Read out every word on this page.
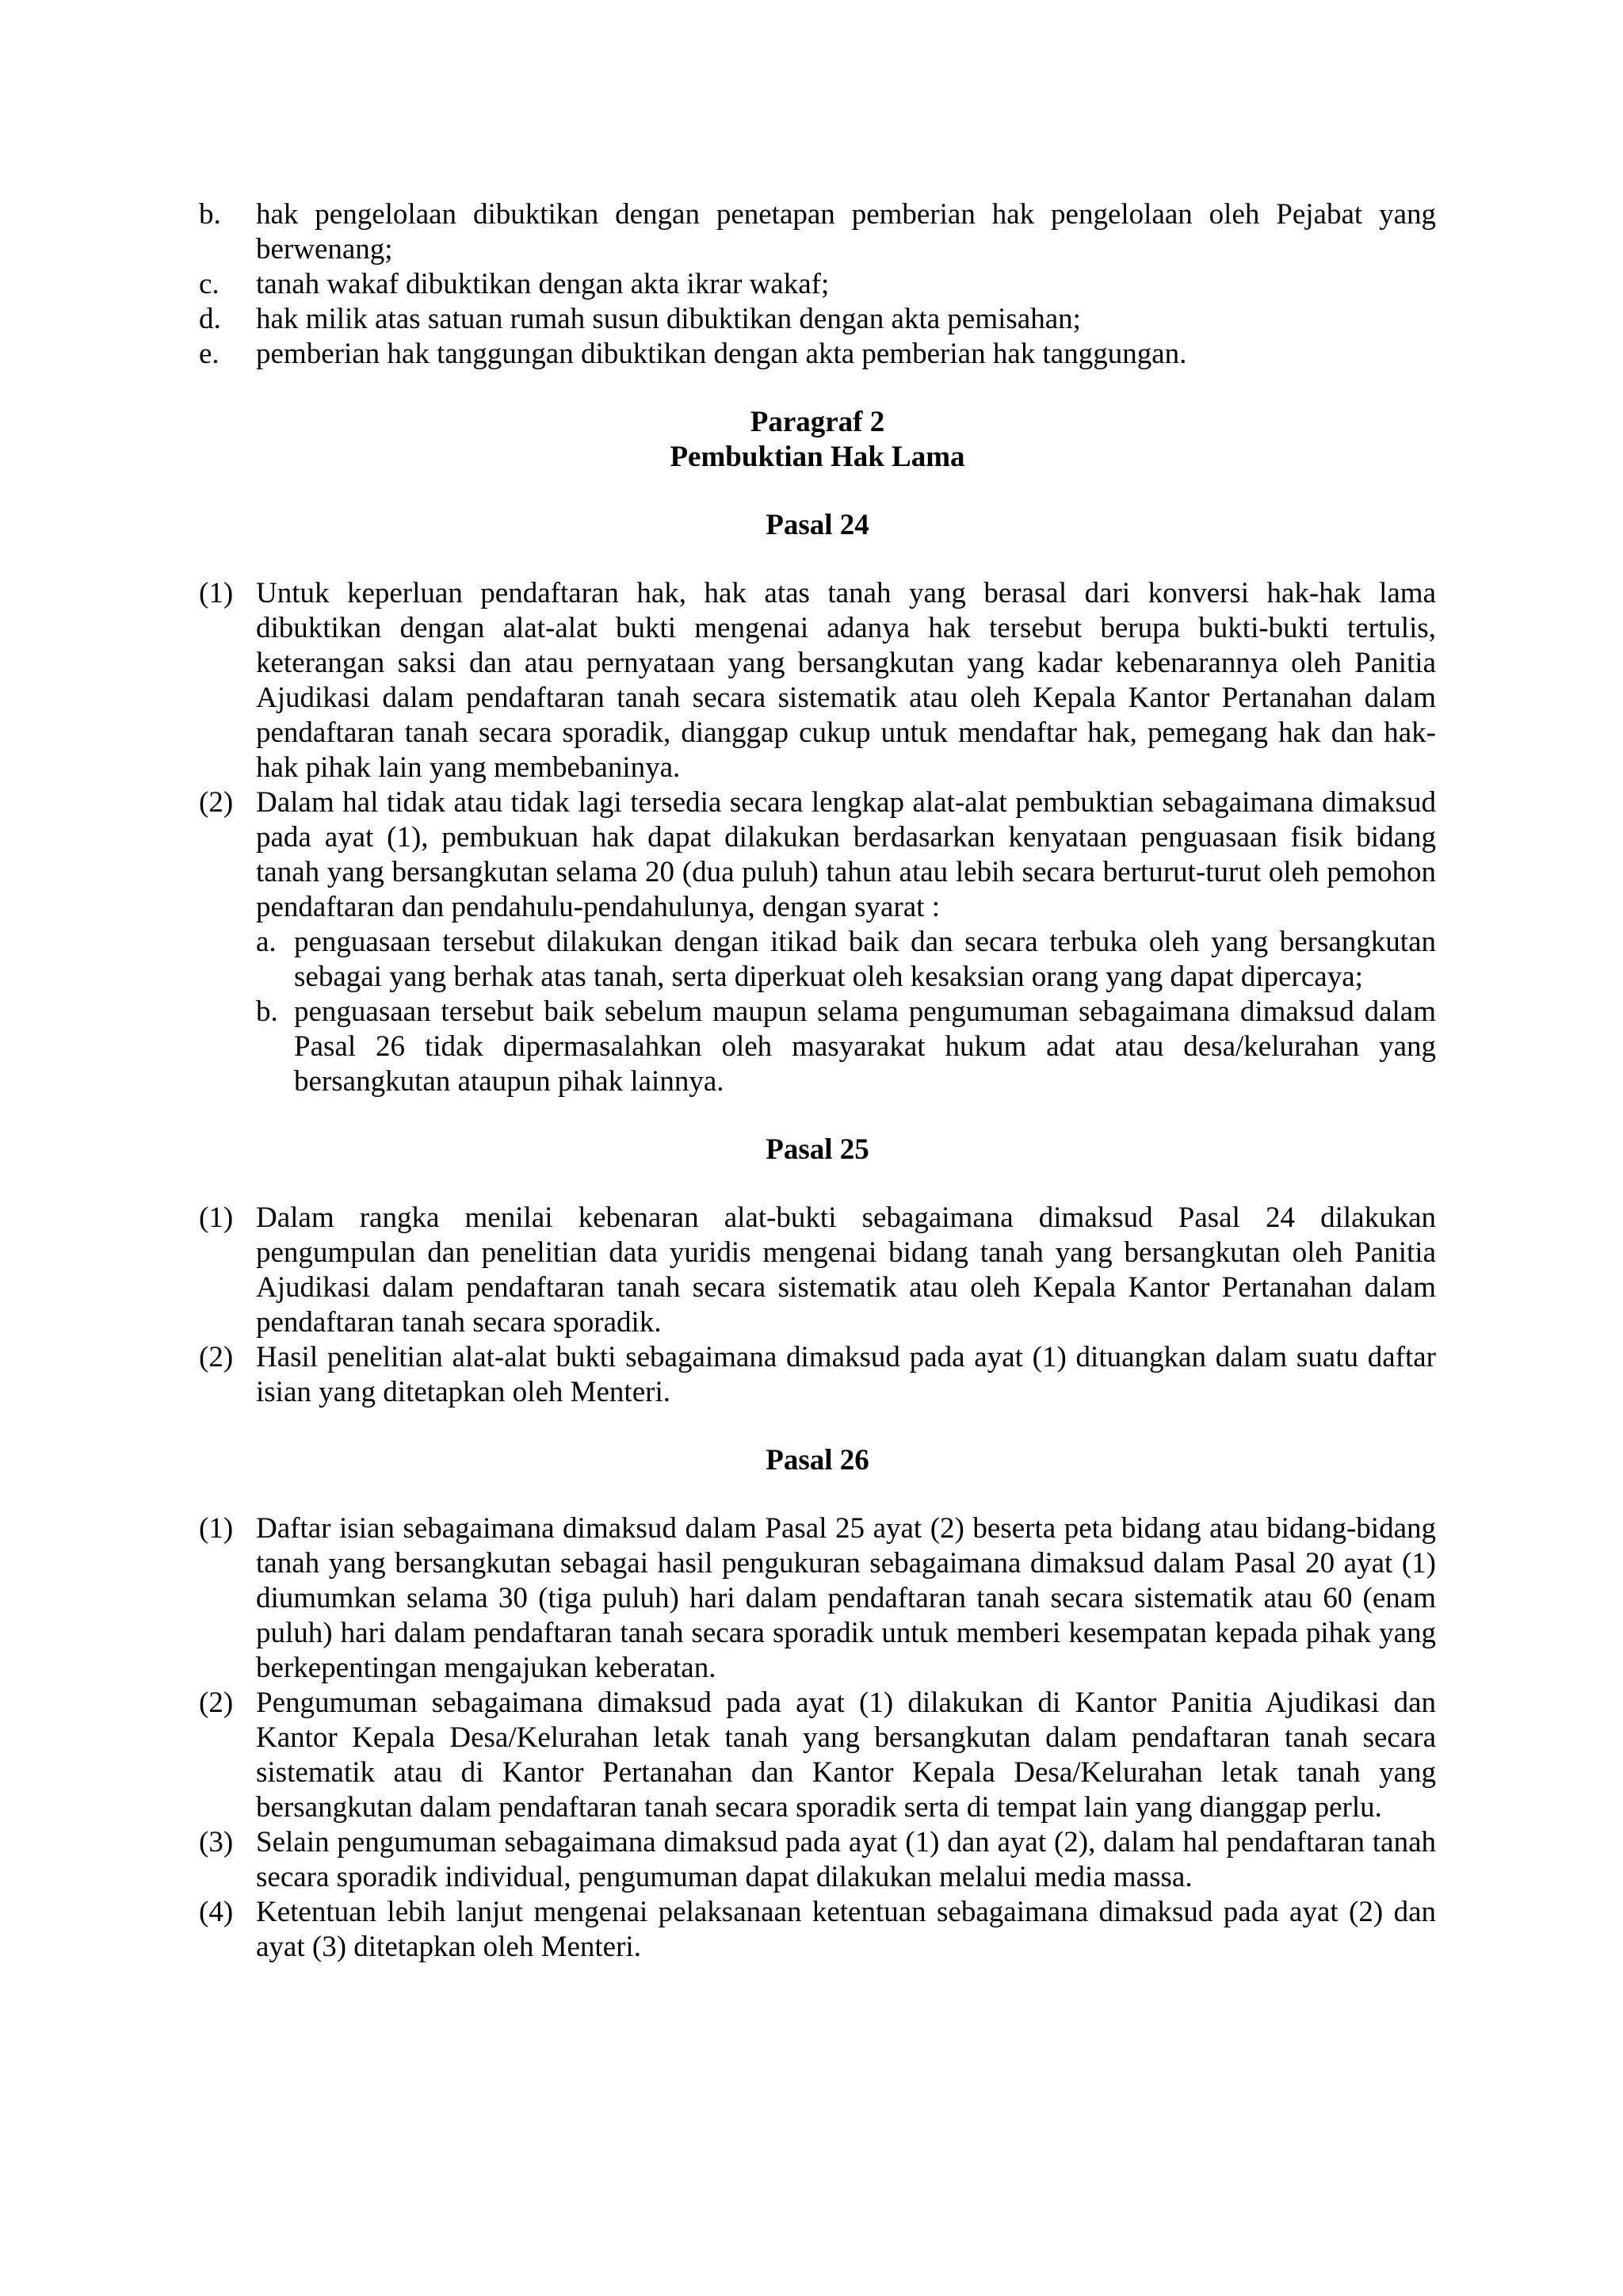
b.	hak pengelolaan dibuktikan dengan penetapan pemberian hak pengelolaan oleh Pejabat yang berwenang;
c.	tanah wakaf dibuktikan dengan akta ikrar wakaf;
d.	hak milik atas satuan rumah susun dibuktikan dengan akta pemisahan;
e.	pemberian hak tanggungan dibuktikan dengan akta pemberian hak tanggungan.
Paragraf 2
Pembuktian Hak Lama
Pasal 24
(1) Untuk keperluan pendaftaran hak, hak atas tanah yang berasal dari konversi hak-hak lama dibuktikan dengan alat-alat bukti mengenai adanya hak tersebut berupa bukti-bukti tertulis, keterangan saksi dan atau pernyataan yang bersangkutan yang kadar kebenarannya oleh Panitia Ajudikasi dalam pendaftaran tanah secara sistematik atau oleh Kepala Kantor Pertanahan dalam pendaftaran tanah secara sporadik, dianggap cukup untuk mendaftar hak, pemegang hak dan hak-hak pihak lain yang membebaninya.
(2) Dalam hal tidak atau tidak lagi tersedia secara lengkap alat-alat pembuktian sebagaimana dimaksud pada ayat (1), pembukuan hak dapat dilakukan berdasarkan kenyataan penguasaan fisik bidang tanah yang bersangkutan selama 20 (dua puluh) tahun atau lebih secara berturut-turut oleh pemohon pendaftaran dan pendahulu-pendahulunya, dengan syarat :
a. penguasaan tersebut dilakukan dengan itikad baik dan secara terbuka oleh yang bersangkutan sebagai yang berhak atas tanah, serta diperkuat oleh kesaksian orang yang dapat dipercaya;
b. penguasaan tersebut baik sebelum maupun selama pengumuman sebagaimana dimaksud dalam Pasal 26 tidak dipermasalahkan oleh masyarakat hukum adat atau desa/kelurahan yang bersangkutan ataupun pihak lainnya.
Pasal 25
(1) Dalam rangka menilai kebenaran alat-bukti sebagaimana dimaksud Pasal 24 dilakukan pengumpulan dan penelitian data yuridis mengenai bidang tanah yang bersangkutan oleh Panitia Ajudikasi dalam pendaftaran tanah secara sistematik atau oleh Kepala Kantor Pertanahan dalam pendaftaran tanah secara sporadik.
(2) Hasil penelitian alat-alat bukti sebagaimana dimaksud pada ayat (1) dituangkan dalam suatu daftar isian yang ditetapkan oleh Menteri.
Pasal 26
(1) Daftar isian sebagaimana dimaksud dalam Pasal 25 ayat (2) beserta peta bidang atau bidang-bidang tanah yang bersangkutan sebagai hasil pengukuran sebagaimana dimaksud dalam Pasal 20 ayat (1) diumumkan selama 30 (tiga puluh) hari dalam pendaftaran tanah secara sistematik atau 60 (enam puluh) hari dalam pendaftaran tanah secara sporadik untuk memberi kesempatan kepada pihak yang berkepentingan mengajukan keberatan.
(2) Pengumuman sebagaimana dimaksud pada ayat (1) dilakukan di Kantor Panitia Ajudikasi dan Kantor Kepala Desa/Kelurahan letak tanah yang bersangkutan dalam pendaftaran tanah secara sistematik atau di Kantor Pertanahan dan Kantor Kepala Desa/Kelurahan letak tanah yang bersangkutan dalam pendaftaran tanah secara sporadik serta di tempat lain yang dianggap perlu.
(3) Selain pengumuman sebagaimana dimaksud pada ayat (1) dan ayat (2), dalam hal pendaftaran tanah secara sporadik individual, pengumuman dapat dilakukan melalui media massa.
(4) Ketentuan lebih lanjut mengenai pelaksanaan ketentuan sebagaimana dimaksud pada ayat (2) dan ayat (3) ditetapkan oleh Menteri.
